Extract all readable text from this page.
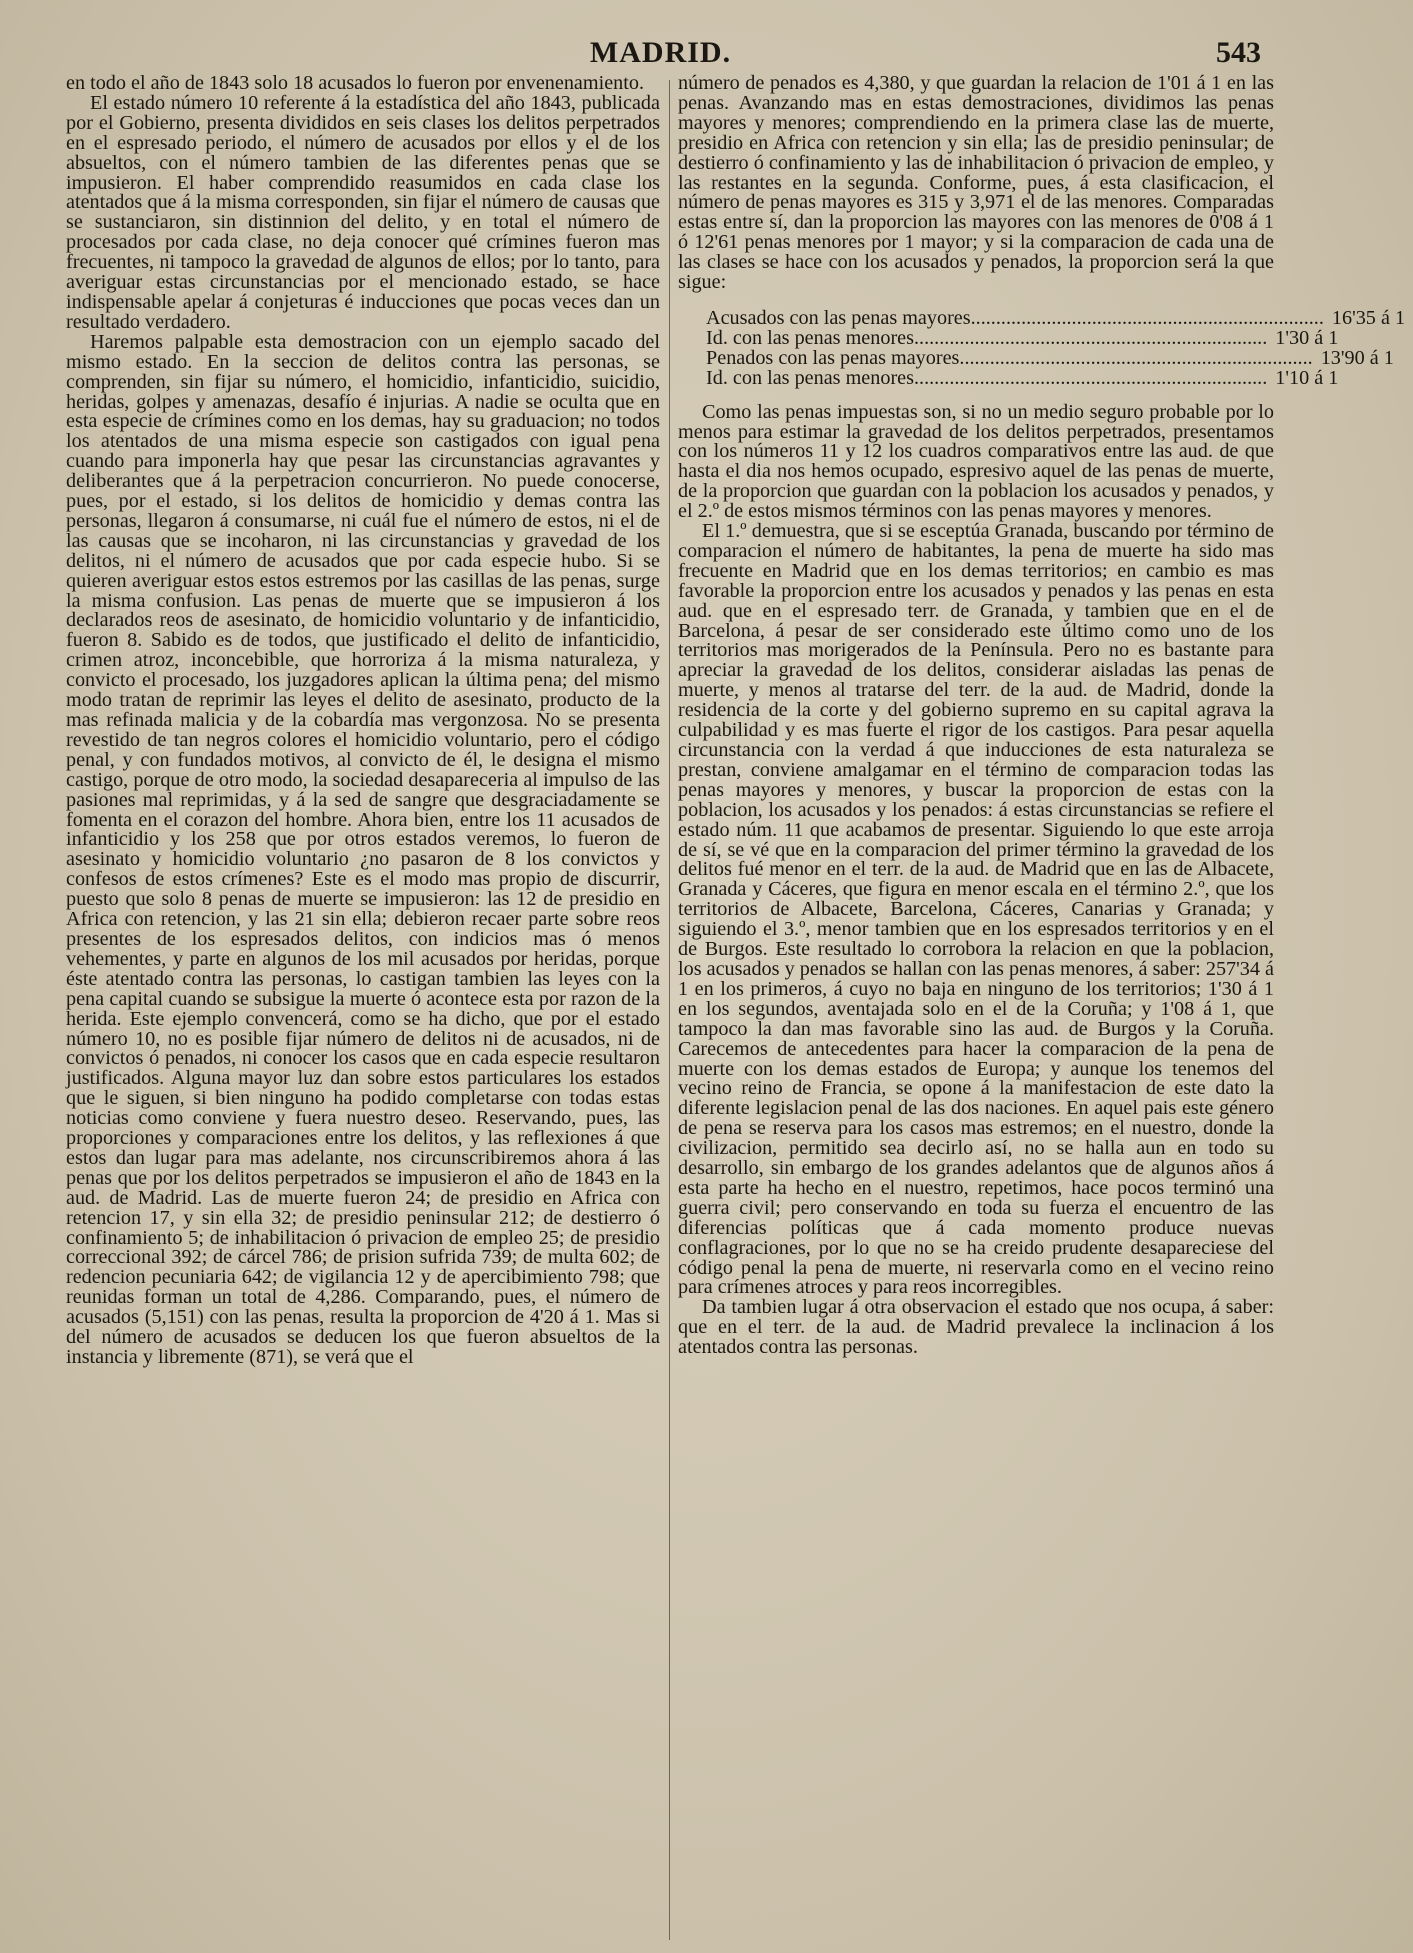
MADRID.	543

en todo el año de 1843 solo 18 acusados lo fueron por envenenamiento.

El estado número 10 referente á la estadística del año 1843, publicada por el Gobierno, presenta divididos en seis clases los delitos perpetrados en el espresado periodo, el número de acusados por ellos y el de los absueltos, con el número tambien de las diferentes penas que se impusieron. El haber comprendido reasumidos en cada clase los atentados que á la misma corresponden, sin fijar el número de causas que se sustanciaron, sin distinnion del delito, y en total el número de procesados por cada clase, no deja conocer qué crímines fueron mas frecuentes, ni tampoco la gravedad de algunos de ellos; por lo tanto, para averiguar estas circunstancias por el mencionado estado, se hace indispensable apelar á conjeturas é inducciones que pocas veces dan un resultado verdadero.

Haremos palpable esta demostracion con un ejemplo sacado del mismo estado. En la seccion de delitos contra las personas, se comprenden, sin fijar su número, el homicidio, infanticidio, suicidio, heridas, golpes y amenazas, desafío é injurias. A nadie se oculta que en esta especie de crímines como en los demas, hay su graduacion; no todos los atentados de una misma especie son castigados con igual pena cuando para imponerla hay que pesar las circunstancias agravantes y deliberantes que á la perpetracion concurrieron. No puede conocerse, pues, por el estado, si los delitos de homicidio y demas contra las personas, llegaron á consumarse, ni cuál fue el número de estos, ni el de las causas que se incoharon, ni las circunstancias y gravedad de los delitos, ni el número de acusados que por cada especie hubo. Si se quieren averiguar estos estos estremos por las casillas de las penas, surge la misma confusion. Las penas de muerte que se impusieron á los declarados reos de asesinato, de homicidio voluntario y de infanticidio, fueron 8. Sabido es de todos, que justificado el delito de infanticidio, crimen atroz, inconcebible, que horroriza á la misma naturaleza, y convicto el procesado, los juzgadores aplican la última pena; del mismo modo tratan de reprimir las leyes el delito de asesinato, producto de la mas refinada malicia y de la cobardía mas vergonzosa. No se presenta revestido de tan negros colores el homicidio voluntario, pero el código penal, y con fundados motivos, al convicto de él, le designa el mismo castigo, porque de otro modo, la sociedad desapareceria al impulso de las pasiones mal reprimidas, y á la sed de sangre que desgraciadamente se fomenta en el corazon del hombre. Ahora bien, entre los 11 acusados de infanticidio y los 258 que por otros estados veremos, lo fueron de asesinato y homicidio voluntario ¿no pasaron de 8 los convictos y confesos de estos crímenes? Este es el modo mas propio de discurrir, puesto que solo 8 penas de muerte se impusieron: las 12 de presidio en Africa con retencion, y las 21 sin ella; debieron recaer parte sobre reos presentes de los espresados delitos, con indicios mas ó menos vehementes, y parte en algunos de los mil acusados por heridas, porque éste atentado contra las personas, lo castigan tambien las leyes con la pena capital cuando se subsigue la muerte ó acontece esta por razon de la herida. Este ejemplo convencerá, como se ha dicho, que por el estado número 10, no es posible fijar número de delitos ni de acusados, ni de convictos ó penados, ni conocer los casos que en cada especie resultaron justificados. Alguna mayor luz dan sobre estos particulares los estados que le siguen, si bien ninguno ha podido completarse con todas estas noticias como conviene y fuera nuestro deseo. Reservando, pues, las proporciones y comparaciones entre los delitos, y las reflexiones á que estos dan lugar para mas adelante, nos circunscribiremos ahora á las penas que por los delitos perpetrados se impusieron el año de 1843 en la aud. de Madrid. Las de muerte fueron 24; de presidio en Africa con retencion 17, y sin ella 32; de presidio peninsular 212; de destierro ó confinamiento 5; de inhabilitacion ó privacion de empleo 25; de presidio correccional 392; de cárcel 786; de prision sufrida 739; de multa 602; de redencion pecuniaria 642; de vigilancia 12 y de apercibimiento 798; que reunidas forman un total de 4,286. Comparando, pues, el número de acusados (5,151) con las penas, resulta la proporcion de 4'20 á 1. Mas si del número de acusados se deducen los que fueron absueltos de la instancia y libremente (871), se verá que el

número de penados es 4,380, y que guardan la relacion de 1'01 á 1 en las penas. Avanzando mas en estas demostraciones, dividimos las penas mayores y menores; comprendiendo en la primera clase las de muerte, presidio en Africa con retencion y sin ella; las de presidio peninsular; de destierro ó confinamiento y las de inhabilitacion ó privacion de empleo, y las restantes en la segunda. Conforme, pues, á esta clasificacion, el número de penas mayores es 315 y 3,971 el de las menores. Comparadas estas entre sí, dan la proporcion las mayores con las menores de 0'08 á 1 ó 12'61 penas menores por 1 mayor; y si la comparacion de cada una de las clases se hace con los acusados y penados, la proporcion será la que sigue:

Acusados con las penas mayores ...................................................................... 16'35 á 1
Id. con las penas menores ...................................................................... 1'30 á 1
Penados con las penas mayores ...................................................................... 13'90 á 1
Id. con las penas menores ...................................................................... 1'10 á 1

Como las penas impuestas son, si no un medio seguro probable por lo menos para estimar la gravedad de los delitos perpetrados, presentamos con los números 11 y 12 los cuadros comparativos entre las aud. de que hasta el dia nos hemos ocupado, espresivo aquel de las penas de muerte, de la proporcion que guardan con la poblacion los acusados y penados, y el 2.º de estos mismos términos con las penas mayores y menores.

El 1.º demuestra, que si se esceptúa Granada, buscando por término de comparacion el número de habitantes, la pena de muerte ha sido mas frecuente en Madrid que en los demas territorios; en cambio es mas favorable la proporcion entre los acusados y penados y las penas en esta aud. que en el espresado terr. de Granada, y tambien que en el de Barcelona, á pesar de ser considerado este último como uno de los territorios mas morigerados de la Península. Pero no es bastante para apreciar la gravedad de los delitos, considerar aisladas las penas de muerte, y menos al tratarse del terr. de la aud. de Madrid, donde la residencia de la corte y del gobierno supremo en su capital agrava la culpabilidad y es mas fuerte el rigor de los castigos. Para pesar aquella circunstancia con la verdad á que inducciones de esta naturaleza se prestan, conviene amalgamar en el término de comparacion todas las penas mayores y menores, y buscar la proporcion de estas con la poblacion, los acusados y los penados: á estas circunstancias se refiere el estado núm. 11 que acabamos de presentar. Siguiendo lo que este arroja de sí, se vé que en la comparacion del primer término la gravedad de los delitos fué menor en el terr. de la aud. de Madrid que en las de Albacete, Granada y Cáceres, que figura en menor escala en el término 2.º, que los territorios de Albacete, Barcelona, Cáceres, Canarias y Granada; y siguiendo el 3.º, menor tambien que en los espresados territorios y en el de Burgos. Este resultado lo corrobora la relacion en que la poblacion, los acusados y penados se hallan con las penas menores, á saber: 257'34 á 1 en los primeros, á cuyo no baja en ninguno de los territorios; 1'30 á 1 en los segundos, aventajada solo en el de la Coruña; y 1'08 á 1, que tampoco la dan mas favorable sino las aud. de Burgos y la Coruña. Carecemos de antecedentes para hacer la comparacion de la pena de muerte con los demas estados de Europa; y aunque los tenemos del vecino reino de Francia, se opone á la manifestacion de este dato la diferente legislacion penal de las dos naciones. En aquel pais este género de pena se reserva para los casos mas estremos; en el nuestro, donde la civilizacion, permitido sea decirlo así, no se halla aun en todo su desarrollo, sin embargo de los grandes adelantos que de algunos años á esta parte ha hecho en el nuestro, repetimos, hace pocos terminó una guerra civil; pero conservando en toda su fuerza el encuentro de las diferencias políticas que á cada momento produce nuevas conflagraciones, por lo que no se ha creido prudente desapareciese del código penal la pena de muerte, ni reservarla como en el vecino reino para crímenes atroces y para reos incorregibles.

Da tambien lugar á otra observacion el estado que nos ocupa, á saber: que en el terr. de la aud. de Madrid prevalece la inclinacion á los atentados contra las personas.
